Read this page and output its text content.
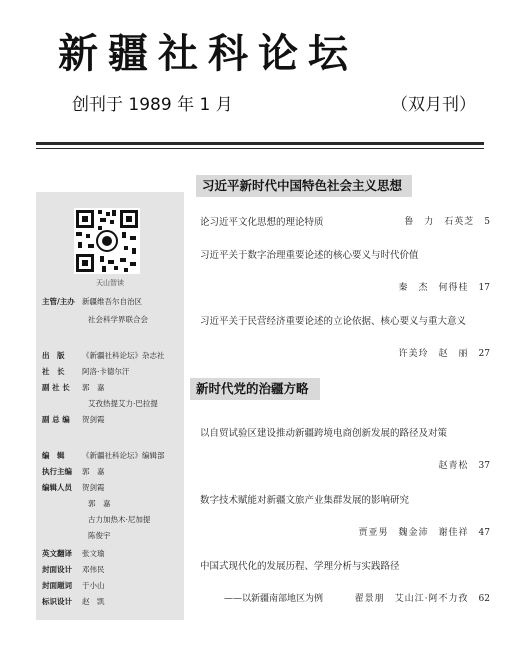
新疆社科论坛
创刊于 1989 年 1 月	（双月刊）
天山智读
主管/主办 新疆维吾尔自治区
社会科学界联合会
出　版 《新疆社科论坛》杂志社
社　长 阿洛·卡德尔汗
副 社 长 郭　嘉
艾孜热提艾力·巴拉提
副 总 编 贺剑霞
编　辑 《新疆社科论坛》编辑部
执行主编 郭　嘉
编辑人员 贺剑霞
郭　嘉
古力加热木·尼加提
陈俊宇
英文翻译 张文瑜
封面设计 邓伟民
封面题词 于小山
标识设计 赵　凯
习近平新时代中国特色社会主义思想
论习近平文化思想的理论特质	鲁　力　石英芝 5
习近平关于数字治理重要论述的核心要义与时代价值
秦　杰　何得桂 17
习近平关于民营经济重要论述的立论依据、核心要义与重大意义
许美玲　赵　丽 27
新时代党的治疆方略
以自贸试验区建设推动新疆跨境电商创新发展的路径及对策
赵青松 37
数字技术赋能对新疆文旅产业集群发展的影响研究
贾亚男　魏金沛　谢佳祥 47
中国式现代化的发展历程、学理分析与实践路径
——以新疆南部地区为例	翟景朋　艾山江·阿不力孜 62
